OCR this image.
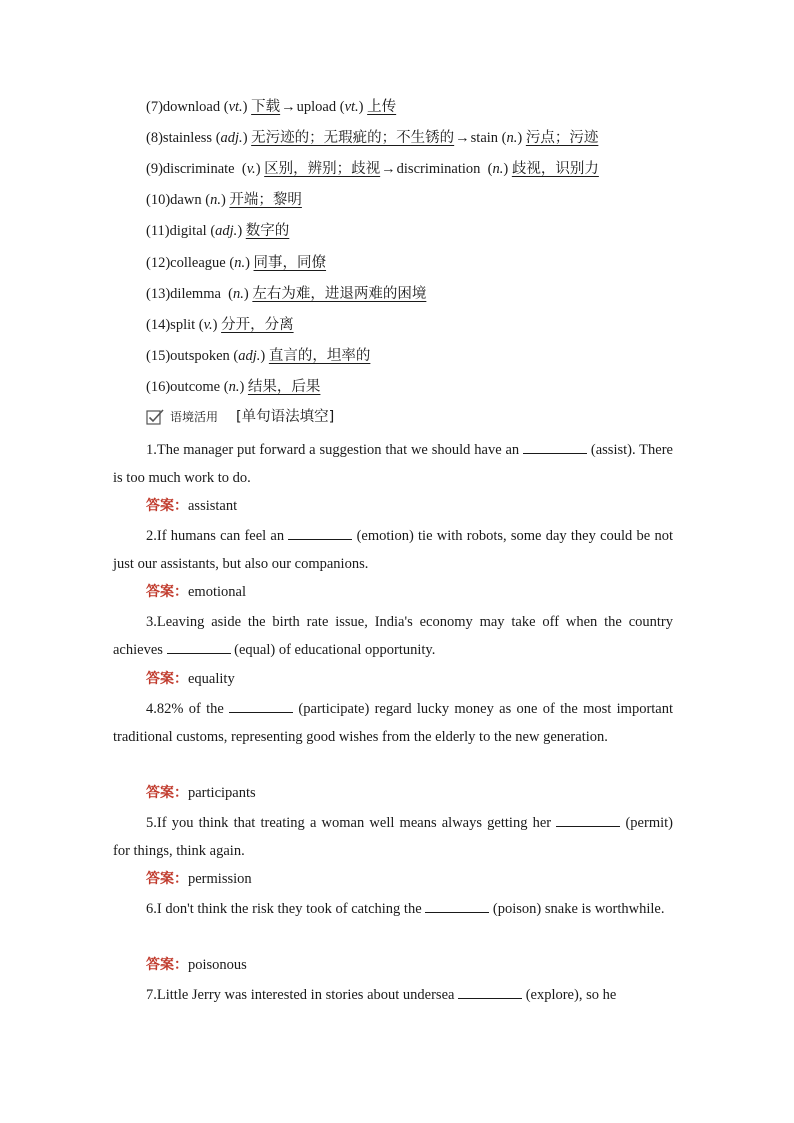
(7)download (vt.) 下载→upload (vt.) 上传
(8)stainless (adj.) 无污迹的；无瑕疵的；不生锈的→stain (n.) 污点；污迹
(9)discriminate  (v.) 区别，辨别；歧视→discrimination  (n.) 歧视，识别力
(10)dawn (n.) 开端；黎明
(11)digital (adj.) 数字的
(12)colleague (n.) 同事，同僚
(13)dilemma  (n.) 左右为难，进退两难的困境
(14)split (v.) 分开，分离
(15)outspoken (adj.) 直言的，坦率的
(16)outcome (n.) 结果，后果
语境活用 [单句语法填空]
1.The manager put forward a suggestion that we should have an	(assist). There is too much work to do.
答案：assistant
2.If humans can feel an	(emotion) tie with robots, some day they could be not just our assistants, but also our companions.
答案：emotional
3.Leaving aside the birth rate issue, India's economy may take off when the country achieves	(equal) of educational opportunity.
答案：equality
4.82% of the	(participate) regard lucky money as one of the most important traditional customs, representing good wishes from the elderly to the new generation.
答案：participants
5.If you think that treating a woman well means always getting her	(permit) for things, think again.
答案：permission
6.I don't think the risk they took of catching the	(poison) snake is worthwhile.
答案：poisonous
7.Little Jerry was interested in stories about undersea	(explore), so he
